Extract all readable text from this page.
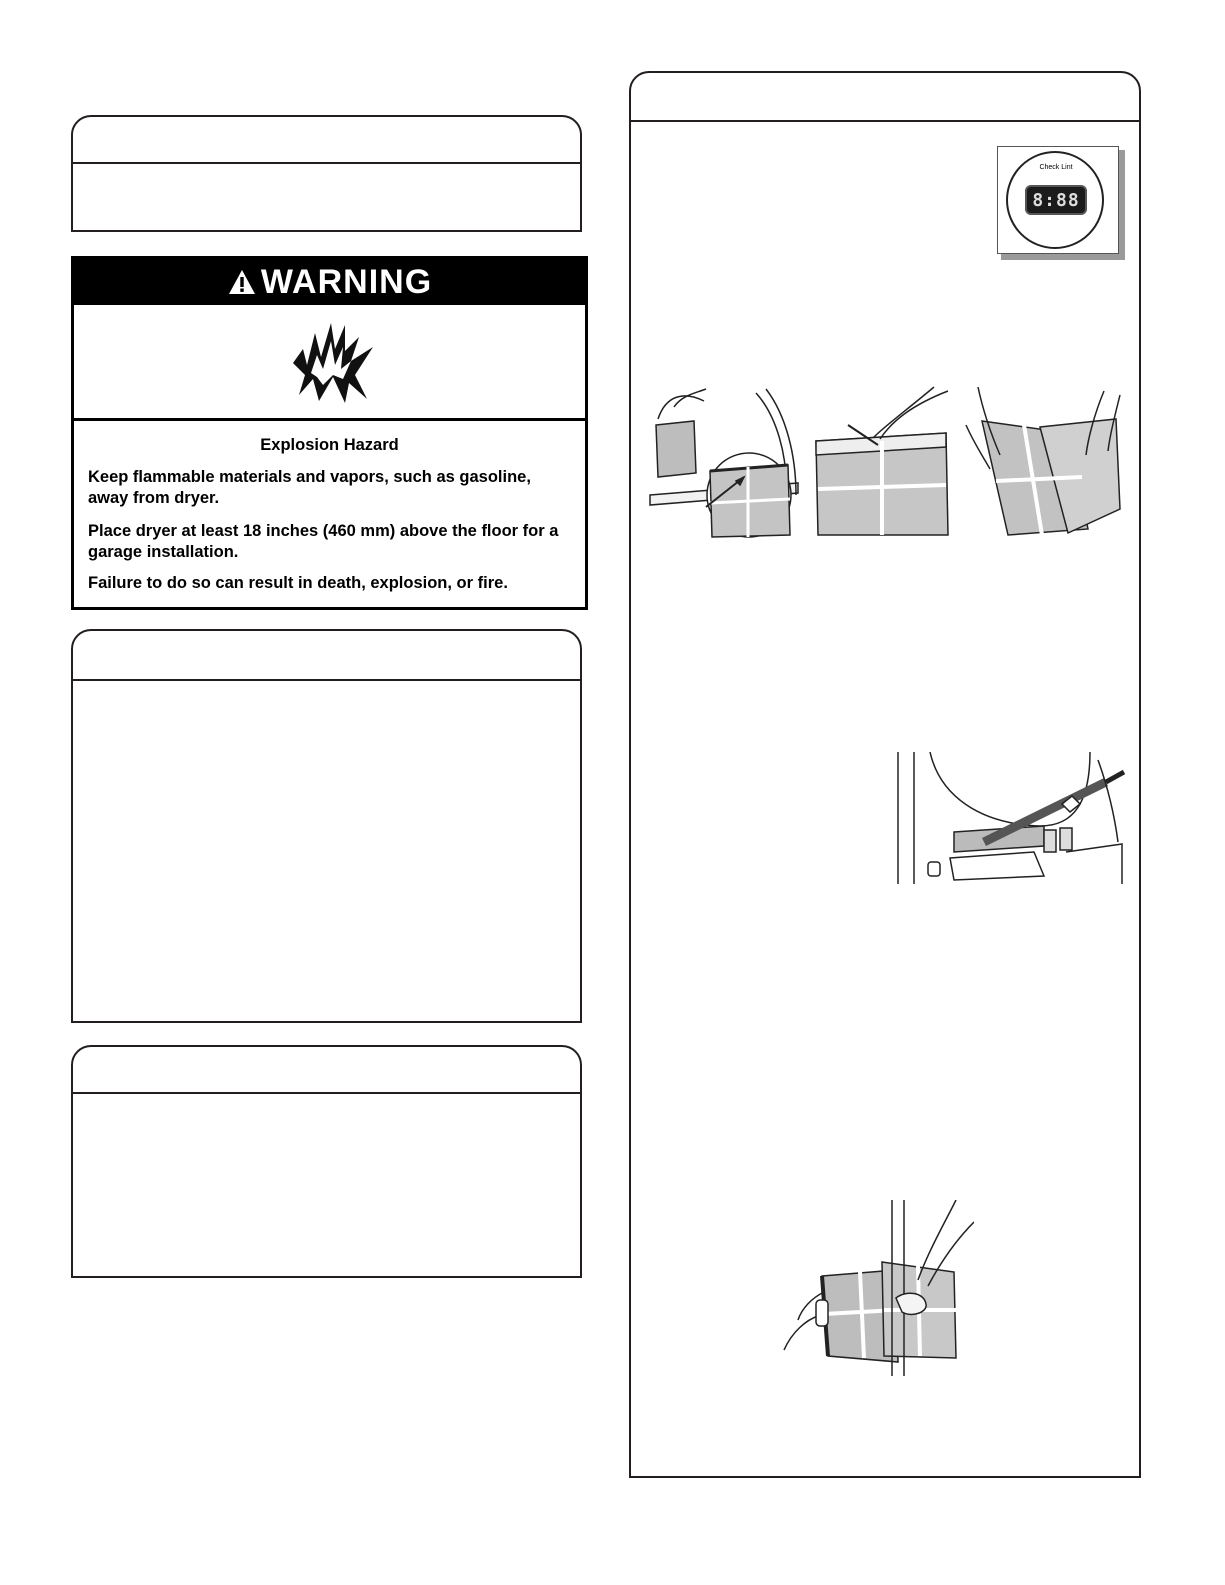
WARNING

Explosion Hazard

Keep flammable materials and vapors, such as gasoline, away from dryer.

Place dryer at least 18 inches (460 mm) above the floor for a garage installation.

Failure to do so can result in death, explosion, or fire.

Check Lint
8:88
